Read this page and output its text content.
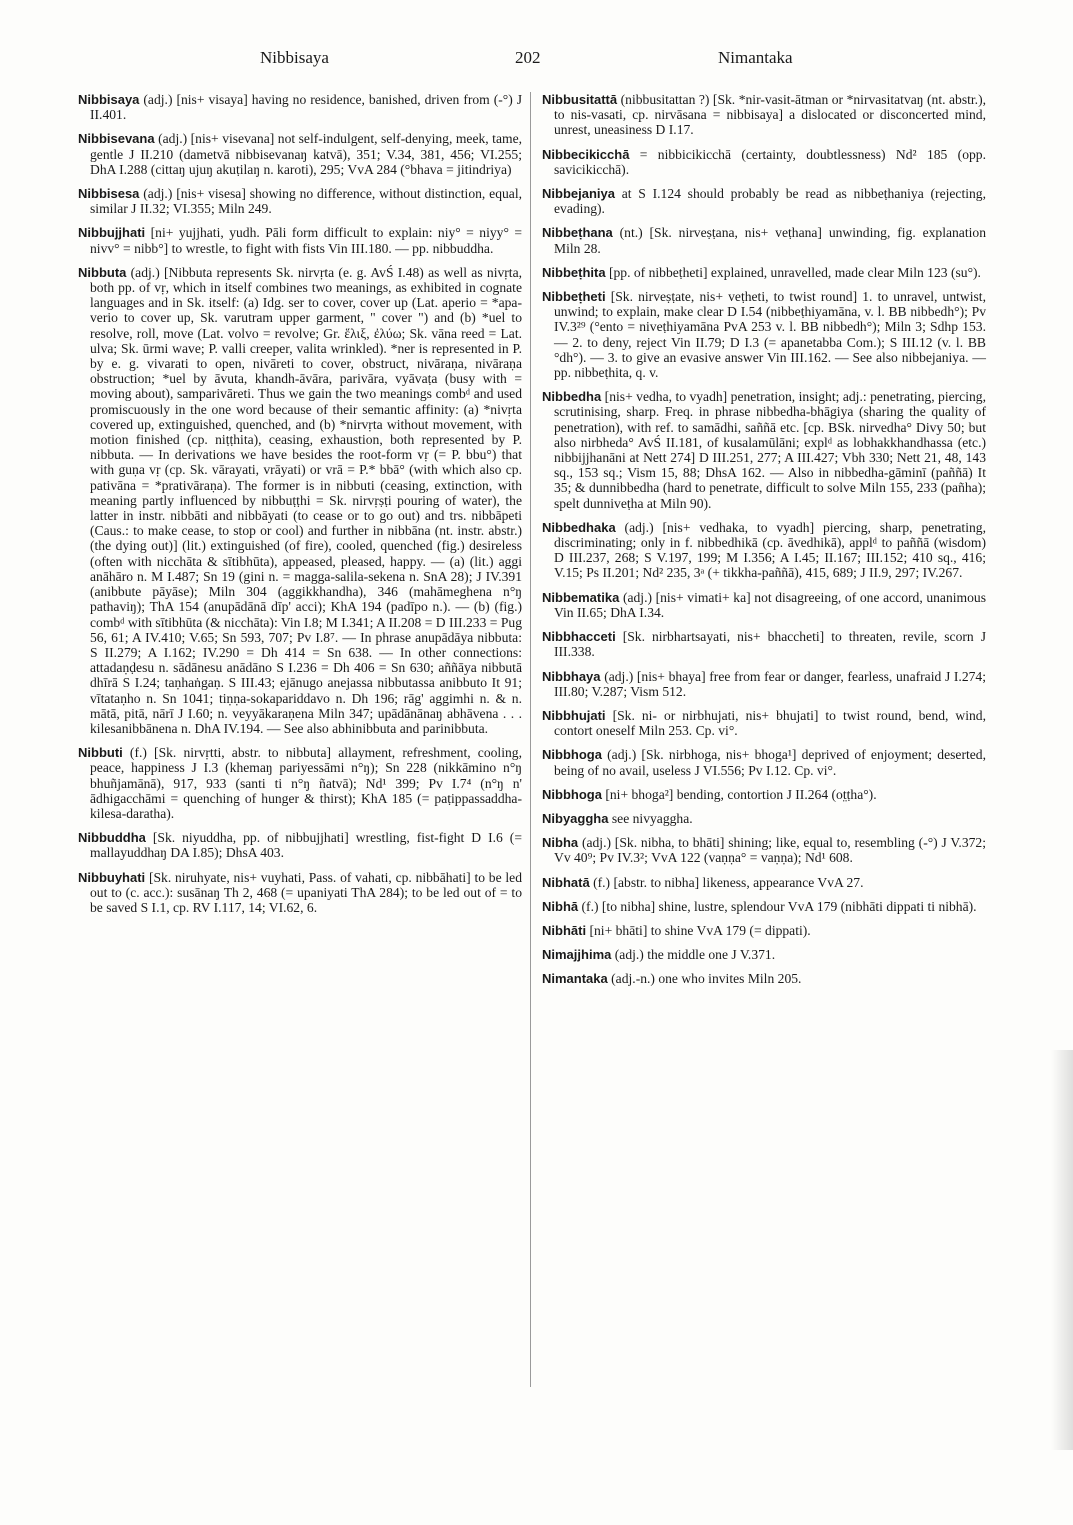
Nibbisaya	202	Nimantaka

Nibbisaya (adj.) [nis+ visaya] having no residence, banished, driven from (-°) J II.401.

Nibbisevana (adj.) [nis+ visevana] not self-indulgent, self-denying, meek, tame, gentle J II.210 (dametvā nibbisevanaŋ katvā), 351; V.34, 381, 456; VI.255; DhA I.288 (cittaŋ ujuŋ akuṭilaŋ n. karoti), 295; VvA 284 (°bhava = jitindriya)

Nibbisesa (adj.) [nis+ visesa] showing no difference, without distinction, equal, similar J II.32; VI.355; Miln 249.

Nibbujjhati [ni+ yujjhati, yudh. Pāli form difficult to explain: niy° = niyy° = nivv° = nibb°] to wrestle, to fight with fists Vin III.180. — pp. nibbuddha.

Nibbuta (adj.) [Nibbuta represents Sk. nirvṛta (e. g. AvŚ I.48) as well as nivṛta, both pp. of vṛ, which in itself combines two meanings, as exhibited in cognate languages and in Sk. itself: (a) Idg. ser to cover, cover up (Lat. aperio = *apa-verio to cover up, Sk. varutram upper garment, " cover ") and (b) *uel to resolve, roll, move (Lat. volvo = revolve; Gr. ἕλιξ, ἐλύω; Sk. vāna reed = Lat. ulva; Sk. ūrmi wave; P. valli creeper, valita wrinkled). *ner is represented in P. by e. g. vivarati to open, nivāreti to cover, obstruct, nivāraṇa, nivāraṇa obstruction; *uel by āvuta, khandh-āvāra, parivāra, vyāvaṭa (busy with = moving about), samparivāreti. Thus we gain the two meanings combᵈ and used promiscuously in the one word because of their semantic affinity: (a) *nivṛta covered up, extinguished, quenched, and (b) *nirvṛta without movement, with motion finished (cp. niṭṭhita), ceasing, exhaustion, both represented by P. nibbuta. — In derivations we have besides the root-form vṛ (= P. bbu°) that with guṇa vṛ (cp. Sk. vārayati, vrāyati) or vrā = P.* bbā° (with which also cp. pativāna = *prativāraṇa). The former is in nibbuti (ceasing, extinction, with meaning partly influenced by nibbuṭṭhi = Sk. nirvṛṣṭi pouring of water), the latter in instr. nibbāti and nibbāyati (to cease or to go out) and trs. nibbāpeti (Caus.: to make cease, to stop or cool) and further in nibbāna (nt. instr. abstr.) (the dying out)] (lit.) extinguished (of fire), cooled, quenched (fig.) desireless (often with nicchāta & sītibhūta), appeased, pleased, happy. — (a) (lit.) aggi anāhāro n. M I.487; Sn 19 (gini n. = magga-salila-sekena n. SnA 28); J IV.391 (anibbute pāyāse); Miln 304 (aggikkhandha), 346 (mahāmeghena n°ŋ pathaviŋ); ThA 154 (anupādānā dīp' acci); KhA 194 (padīpo n.). — (b) (fig.) combᵈ with sītibhūta (& nicchāta): Vin I.8; M I.341; A II.208 = D III.233 = Pug 56, 61; A IV.410; V.65; Sn 593, 707; Pv I.8⁷. — In phrase anupādāya nibbuta: S II.279; A I.162; IV.290 = Dh 414 = Sn 638. — In other connections: attadaṇḍesu n. sādānesu anādāno S I.236 = Dh 406 = Sn 630; aññāya nibbutā dhīrā S I.24; taṇhaṅgaṇ. S III.43; ejānugo anejassa nibbutassa anibbuto It 91; vītataṇho n. Sn 1041; tiṇṇa-sokapariddavo n. Dh 196; rāg' aggimhi n. & n. mātā, pitā, nārī J I.60; n. veyyākaraṇena Miln 347; upādānānaŋ abhāvena . . . kilesanibbānena n. DhA IV.194. — See also abhinibbuta and parinibbuta.

Nibbuti (f.) [Sk. nirvṛtti, abstr. to nibbuta] allayment, refreshment, cooling, peace, happiness J I.3 (khemaŋ pariyessāmi n°ŋ); Sn 228 (nikkāmino n°ŋ bhuñjamānā), 917, 933 (santi ti n°ŋ ñatvā); Nd¹ 399; Pv I.7⁴ (n°ŋ n' ādhigacchāmi = quenching of hunger & thirst); KhA 185 (= paṭippassaddha-kilesa-daratha).

Nibbuddha [Sk. niyuddha, pp. of nibbujjhati] wrestling, fist-fight D I.6 (= mallayuddhaŋ DA I.85); DhsA 403.

Nibbuyhati [Sk. niruhyate, nis+ vuyhati, Pass. of vahati, cp. nibbāhati] to be led out to (c. acc.): susānaŋ Th 2, 468 (= upaniyati ThA 284); to be led out of = to be saved S I.1, cp. RV I.117, 14; VI.62, 6.

Nibbusitattā (nibbusitattan ?) [Sk. *nir-vasit-ātman or *nirvasitatvaŋ (nt. abstr.), to nis-vasati, cp. nirvāsana = nibbisaya] a dislocated or disconcerted mind, unrest, uneasiness D I.17.

Nibbecikicchā = nibbicikicchā (certainty, doubtlessness) Nd² 185 (opp. savicikicchā).

Nibbejaniya at S I.124 should probably be read as nibbeṭhaniya (rejecting, evading).

Nibbeṭhana (nt.) [Sk. nirveṣṭana, nis+ veṭhana] unwinding, fig. explanation Miln 28.

Nibbeṭhita [pp. of nibbeṭheti] explained, unravelled, made clear Miln 123 (su°).

Nibbeṭheti [Sk. nirveṣṭate, nis+ veṭheti, to twist round] 1. to unravel, untwist, unwind; to explain, make clear D I.54 (nibbeṭhiyamāna, v. l. BB nibbedh°); Pv IV.3²⁹ (°ento = niveṭhiyamāna PvA 253 v. l. BB nibbedh°); Miln 3; Sdhp 153. — 2. to deny, reject Vin II.79; D I.3 (= apanetabba Com.); S III.12 (v. l. BB °dh°). — 3. to give an evasive answer Vin III.162. — See also nibbejaniya. — pp. nibbeṭhita, q. v.

Nibbedha [nis+ vedha, to vyadh] penetration, insight; adj.: penetrating, piercing, scrutinising, sharp. Freq. in phrase nibbedha-bhāgiya (sharing the quality of penetration), with ref. to samādhi, saññā etc. [cp. BSk. nirvedha° Divy 50; but also nirbheda° AvŚ II.181, of kusalamūlāni; explᵈ as lobhakkhandhassa (etc.) nibbijjhanāni at Nett 274] D III.251, 277; A III.427; Vbh 330; Nett 21, 48, 143 sq., 153 sq.; Vism 15, 88; DhsA 162. — Also in nibbedha-gāminī (paññā) It 35; & dunnibbedha (hard to penetrate, difficult to solve Miln 155, 233 (pañha); spelt dunniveṭha at Miln 90).

Nibbedhaka (adj.) [nis+ vedhaka, to vyadh] piercing, sharp, penetrating, discriminating; only in f. nibbedhikā (cp. āvedhikā), applᵈ to paññā (wisdom) D III.237, 268; S V.197, 199; M I.356; A I.45; II.167; III.152; 410 sq., 416; V.15; Ps II.201; Nd² 235, 3ᵃ (+ tikkha-paññā), 415, 689; J II.9, 297; IV.267.

Nibbematika (adj.) [nis+ vimati+ ka] not disagreeing, of one accord, unanimous Vin II.65; DhA I.34.

Nibbhacceti [Sk. nirbhartsayati, nis+ bhaccheti] to threaten, revile, scorn J III.338.

Nibbhaya (adj.) [nis+ bhaya] free from fear or danger, fearless, unafraid J I.274; III.80; V.287; Vism 512.

Nibbhujati [Sk. ni- or nirbhujati, nis+ bhujati] to twist round, bend, wind, contort oneself Miln 253. Cp. vi°.

Nibbhoga (adj.) [Sk. nirbhoga, nis+ bhoga¹] deprived of enjoyment; deserted, being of no avail, useless J VI.556; Pv I.12. Cp. vi°.

Nibbhoga [ni+ bhoga²] bending, contortion J II.264 (ot̤ṭha°).

Nibyaggha see nivyaggha.

Nibha (adj.) [Sk. nibha, to bhāti] shining; like, equal to, resembling (-°) J V.372; Vv 40⁹; Pv IV.3²; VvA 122 (vaṇṇa° = vaṇṇa); Nd¹ 608.

Nibhatā (f.) [abstr. to nibha] likeness, appearance VvA 27.

Nibhā (f.) [to nibha] shine, lustre, splendour VvA 179 (nibhāti dippati ti nibhā).

Nibhāti [ni+ bhāti] to shine VvA 179 (= dippati).

Nimajjhima (adj.) the middle one J V.371.

Nimantaka (adj.-n.) one who invites Miln 205.
